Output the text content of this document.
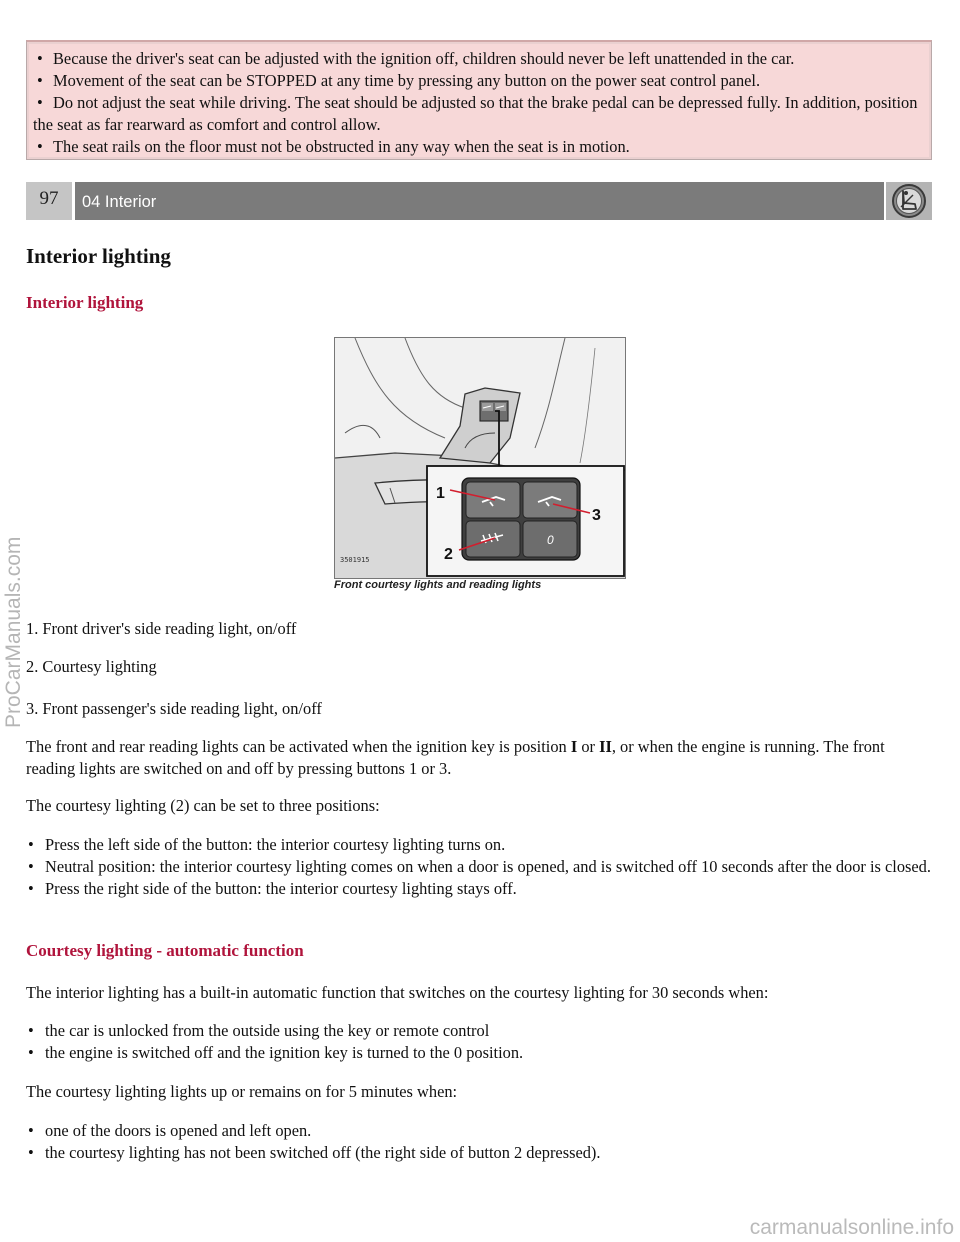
• Because the driver's seat can be adjusted with the ignition off, children should never be left unattended in the car.
• Movement of the seat can be STOPPED at any time by pressing any button on the power seat control panel.
• Do not adjust the seat while driving. The seat should be adjusted so that the brake pedal can be depressed fully. In addition, position the seat as far rearward as comfort and control allow.
• The seat rails on the floor must not be obstructed in any way when the seat is in motion.
97	04 Interior
Interior lighting
Interior lighting
0
1
2
3
3501915
Front courtesy lights and reading lights

1. Front driver's side reading light, on/off

2. Courtesy lighting

3. Front passenger's side reading light, on/off

The front and rear reading lights can be activated when the ignition key is position I or II, or when the engine is running. The front reading lights are switched on and off by pressing buttons 1 or 3.

The courtesy lighting (2) can be set to three positions:

• Press the left side of the button: the interior courtesy lighting turns on.
• Neutral position: the interior courtesy lighting comes on when a door is opened, and is switched off 10 seconds after the door is closed.
• Press the right side of the button: the interior courtesy lighting stays off.
Courtesy lighting - automatic function

The interior lighting has a built-in automatic function that switches on the courtesy lighting for 30 seconds when:

• the car is unlocked from the outside using the key or remote control
• the engine is switched off and the ignition key is turned to the 0 position.

The courtesy lighting lights up or remains on for 5 minutes when:

• one of the doors is opened and left open.
• the courtesy lighting has not been switched off (the right side of button 2 depressed).
ProCarManuals.com
carmanualsonline.info
